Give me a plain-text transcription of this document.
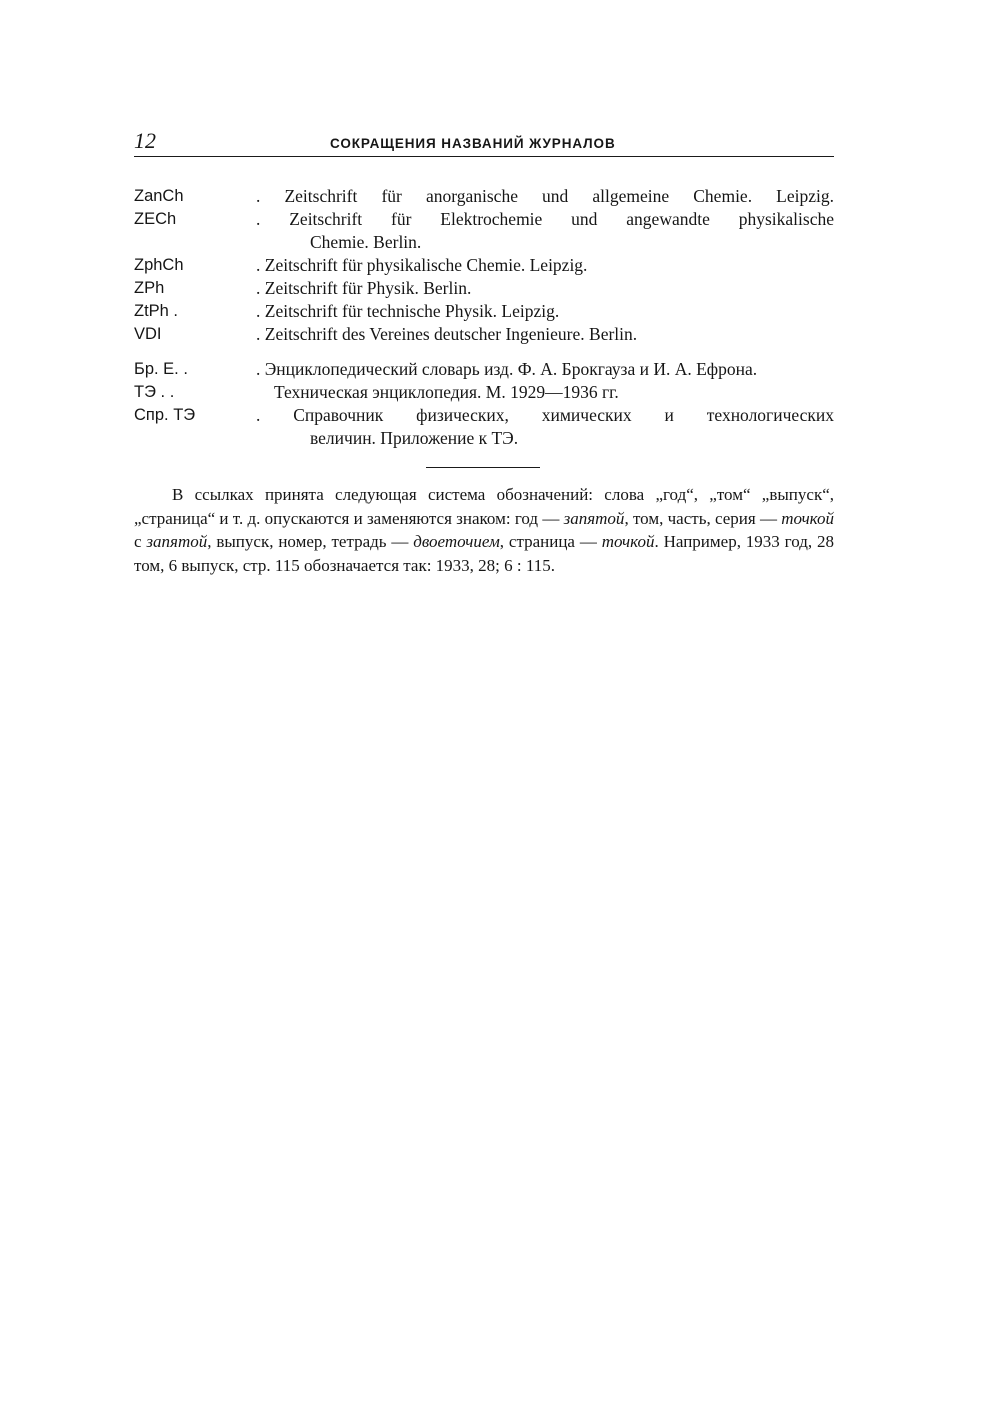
12	СОКРАЩЕНИЯ НАЗВАНИЙ ЖУРНАЛОВ
ZanCh	. Zeitschrift für anorganische und allgemeine Chemie. Leipzig.
ZECh	. Zeitschrift für Elektrochemie und angewandte physikalische
Chemie. Berlin.
ZphCh	. Zeitschrift für physikalische Chemie. Leipzig.
ZPh	. Zeitschrift für Physik. Berlin.
ZtPh .	. Zeitschrift für technische Physik. Leipzig.
VDI	. Zeitschrift des Vereines deutscher Ingenieure. Berlin.
Бр. Е. .	. Энциклопедический словарь изд. Ф. А. Брокгауза и И. А. Ефрона.
ТЭ . .	Техническая энциклопедия. М. 1929—1936 гг.
Спр. ТЭ	. Справочник физических, химических и технологических
величин. Приложение к ТЭ.

В ссылках принята следующая система обозначений: слова „год“, „том“ „выпуск“, „страница“ и т. д. опускаются и заменяются знаком: год — запятой, том, часть, серия — точкой с запятой, выпуск, номер, тетрадь — двоеточием, страница — точкой. Например, 1933 год, 28 том, 6 выпуск, стр. 115 обозначается так: 1933, 28; 6 : 115.
